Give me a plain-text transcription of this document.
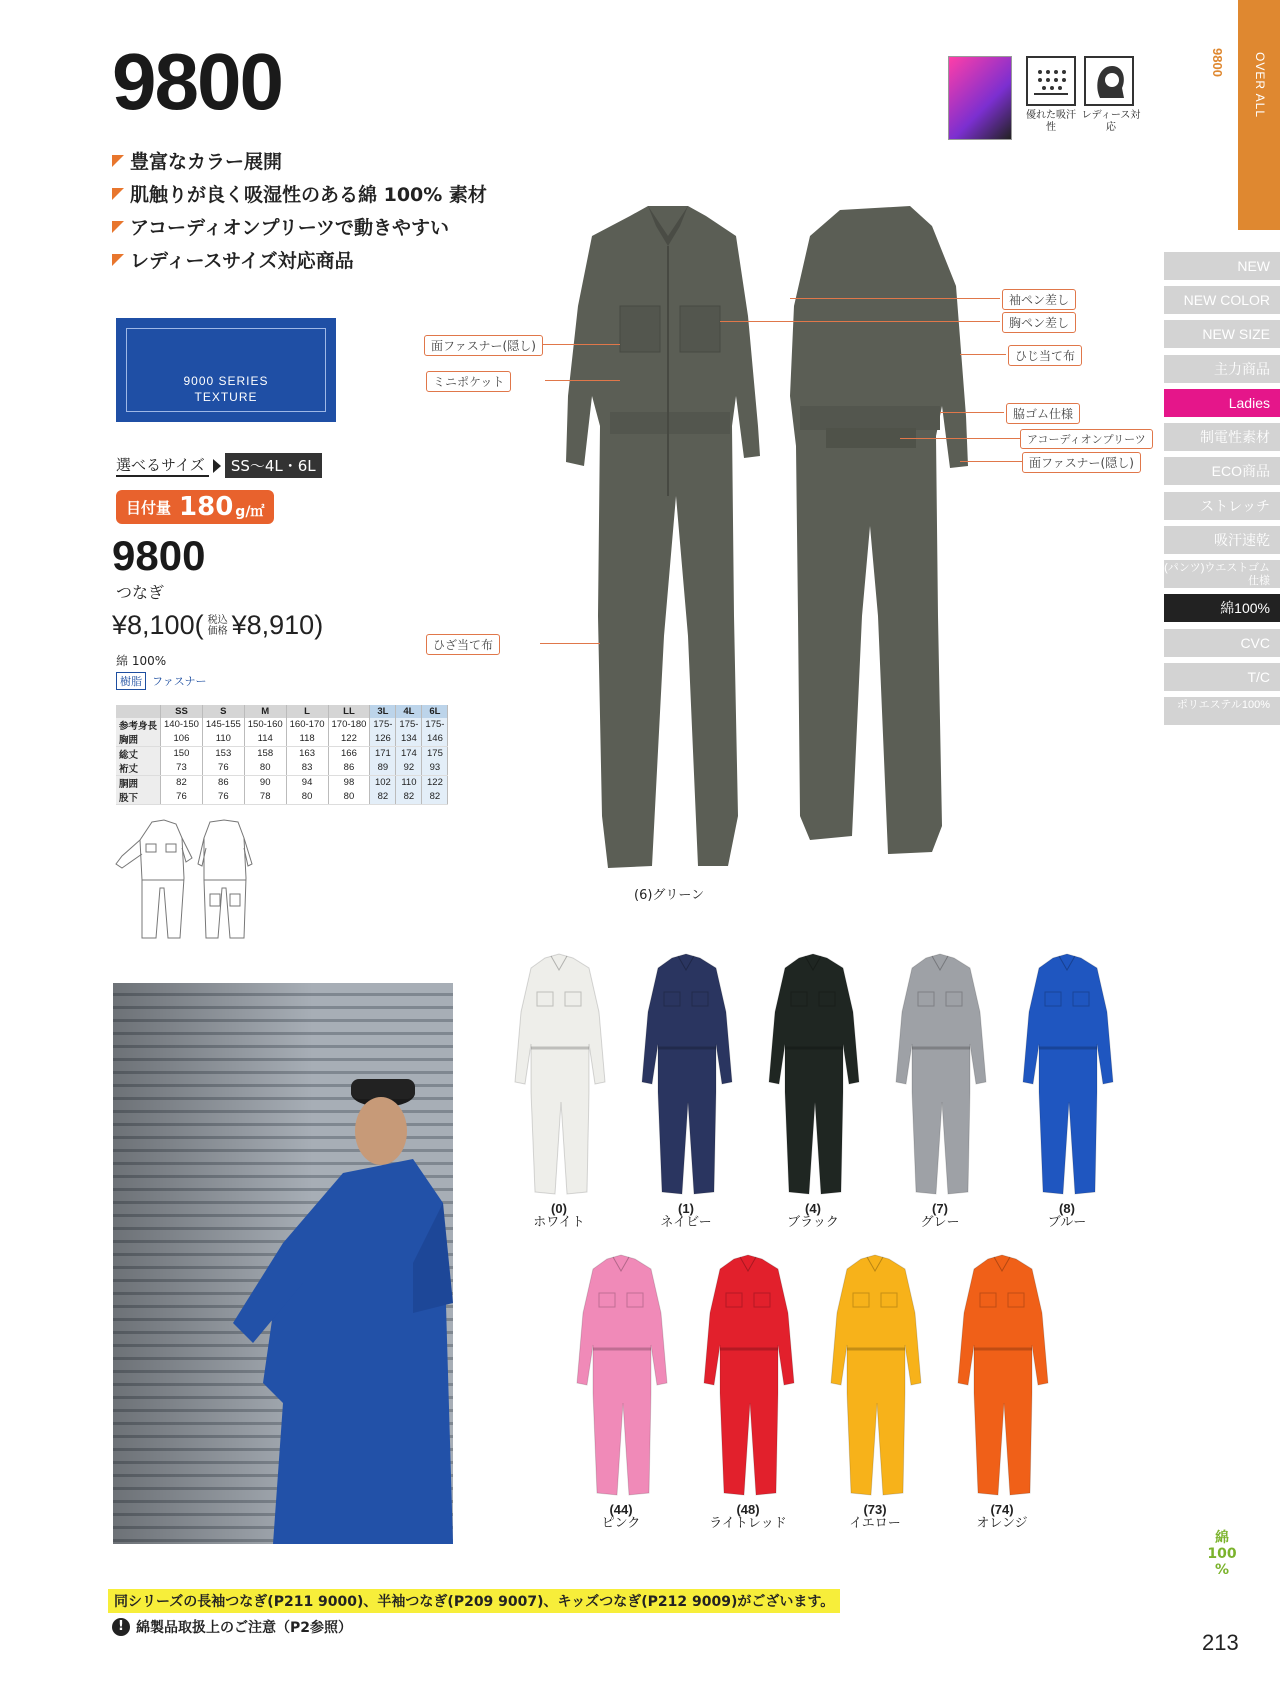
9800
豊富なカラー展開
肌触りが良く吸湿性のある綿 100% 素材
アコーディオンプリーツで動きやすい
レディースサイズ対応商品
9000 SERIES
TEXTURE
選べるサイズ	SS〜4L・6L
目付量 180 g/㎡
9800
つなぎ
¥8,100 ( 税込
価格 ¥8,910 )
綿 100%
樹脂 ファスナー
	SS	S	M	L	LL	3L	4L	6L
参考身長	140-150	145-155	150-160	160-170	170-180	175-	175-	175-
胸囲	106	110	114	118	122	126	134	146
総丈	150	153	158	163	166	171	174	175
裄丈	73	76	80	83	86	89	92	93
胴囲	82	86	90	94	98	102	110	122
股下	76	76	78	80	80	82	82	82
優れた吸汗性
レディース対応
OVER ALL
9800
NEW
NEW COLOR
NEW SIZE
主力商品
Ladies
制電性素材
ECO商品
ストレッチ
吸汗速乾
(パンツ)ウエストゴム仕様
綿100%
CVC
T/C
ポリエステル100%
面ファスナー(隠し)
ミニポケット
ひざ当て布
袖ペン差し
胸ペン差し
ひじ当て布
脇ゴム仕様
アコーディオンプリーツ
面ファスナー(隠し)
(6)グリーン
(0)
ホワイト
(1)
ネイビー
(4)
ブラック
(7)
グレー
(8)
ブルー
(44)
ピンク
(48)
ライトレッド
(73)
イエロー
(74)
オレンジ
同シリーズの長袖つなぎ(P211 9000)、半袖つなぎ(P209 9007)、キッズつなぎ(P212 9009)がございます。
! 綿製品取扱上のご注意（P2参照）
綿 100 %
213
